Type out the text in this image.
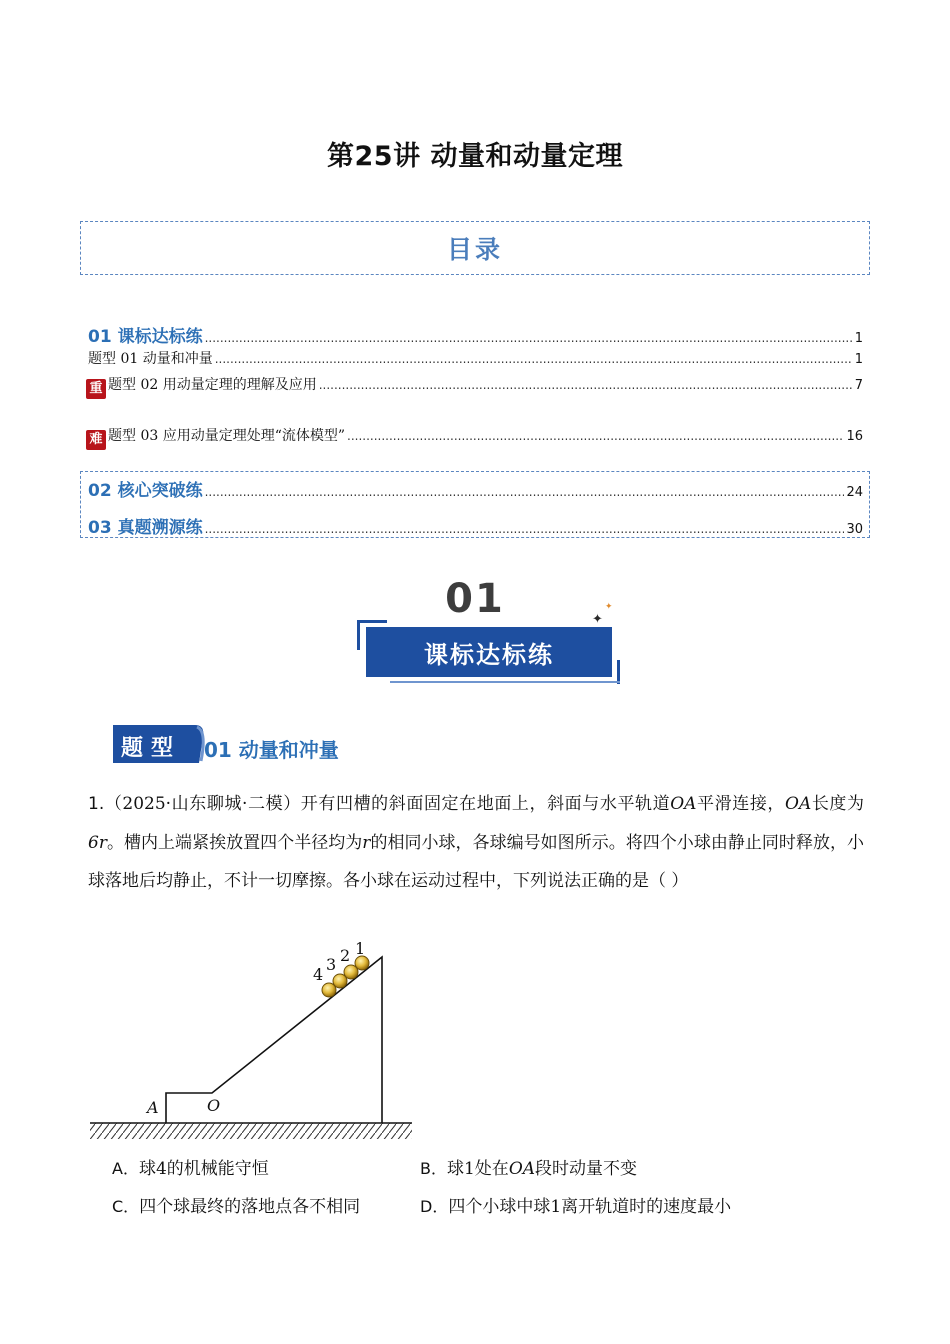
第25讲 动量和动量定理
目录
01 课标达标练 .....	1
题型 01 动量和冲量 .....	1
重 题型 02 用动量定理的理解及应用 .....	7
难 题型 03 应用动量定理处理“流体模型” .....	16
02 核心突破练 .....	24
03 真题溯源练 .....	30
01
课标达标练
✦
✦
题型 01 动量和冲量
1.（2025·山东聊城·二模）开有凹槽的斜面固定在地面上，斜面与水平轨道OA平滑连接，OA长度为6r。槽内上端紧挨放置四个半径均为r的相同小球，各球编号如图所示。将四个小球由静止同时释放，小球落地后均静止，不计一切摩擦。各小球在运动过程中，下列说法正确的是（ ）
1
2
3
4
A	O
A．球4的机械能守恒	B．球1处在OA段时动量不变
C．四个球最终的落地点各不相同	D．四个小球中球1离开轨道时的速度最小
